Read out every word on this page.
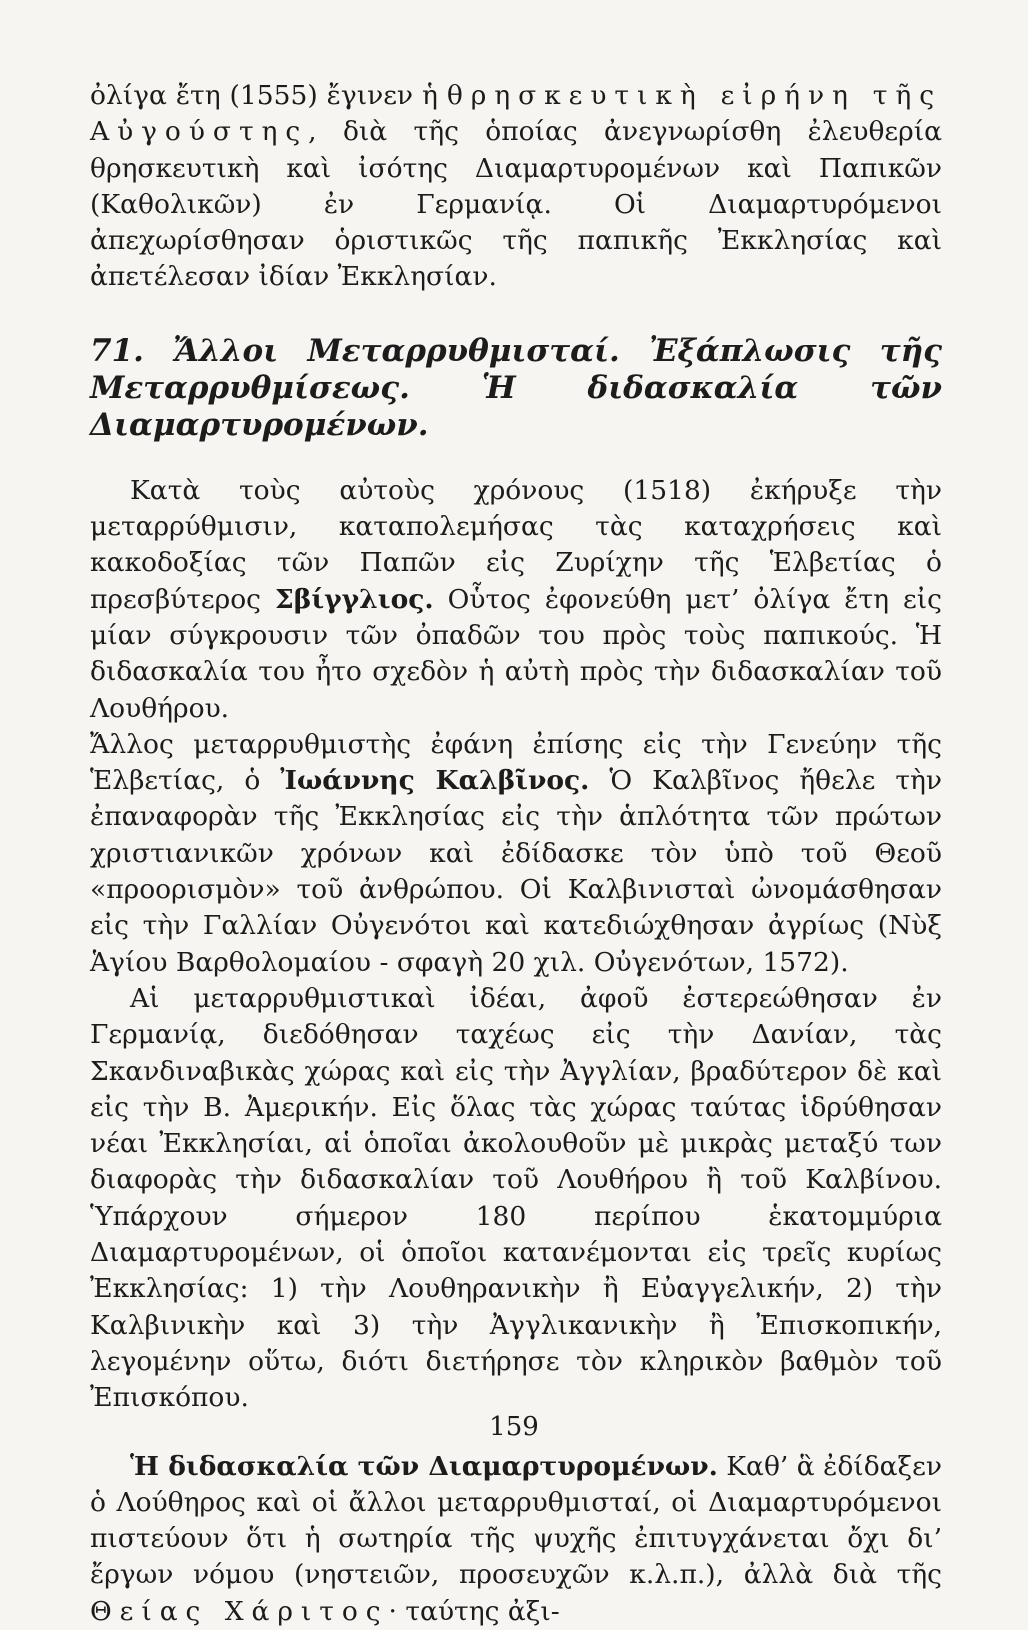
ὀλίγα ἔτη (1555) ἔγινεν ἡ θρησκευτικὴ εἰρήνη τῆς Αὐγούστης, διὰ τῆς ὁποίας ἀνεγνωρίσθη ἐλευθερία θρησκευτικὴ καὶ ἰσότης Διαμαρτυρομένων καὶ Παπικῶν (Καθολικῶν) ἐν Γερμανίᾳ. Οἱ Διαμαρτυρόμενοι ἀπεχωρίσθησαν ὁριστικῶς τῆς παπικῆς Ἐκκλησίας καὶ ἀπετέλεσαν ἰδίαν Ἐκκλησίαν.

71. Ἄλλοι Μεταρρυθμισταί. Ἐξάπλωσις τῆς Μεταρρυθμίσεως. Ἡ διδασκαλία τῶν Διαμαρτυρομένων.

Κατὰ τοὺς αὐτοὺς χρόνους (1518) ἐκήρυξε τὴν μεταρρύθμισιν, καταπολεμήσας τὰς καταχρήσεις καὶ κακοδοξίας τῶν Παπῶν εἰς Ζυρίχην τῆς Ἑλβετίας ὁ πρεσβύτερος Σβίγγλιος. Οὗτος ἐφονεύθη μετ’ ὀλίγα ἔτη εἰς μίαν σύγκρουσιν τῶν ὀπαδῶν του πρὸς τοὺς παπικούς. Ἡ διδασκαλία του ἦτο σχεδὸν ἡ αὐτὴ πρὸς τὴν διδασκαλίαν τοῦ Λουθήρου.
Ἄλλος μεταρρυθμιστὴς ἐφάνη ἐπίσης εἰς τὴν Γενεύην τῆς Ἑλβετίας, ὁ Ἰωάννης Καλβῖνος. Ὁ Καλβῖνος ἤθελε τὴν ἐπαναφορὰν τῆς Ἐκκλησίας εἰς τὴν ἁπλότητα τῶν πρώτων χριστιανικῶν χρόνων καὶ ἐδίδασκε τὸν ὑπὸ τοῦ Θεοῦ «προορισμὸν» τοῦ ἀνθρώπου. Οἱ Καλβινισταὶ ὠνομάσθησαν εἰς τὴν Γαλλίαν Οὐγενότοι καὶ κατεδιώχθησαν ἀγρίως (Νὺξ Ἁγίου Βαρθολομαίου - σφαγὴ 20 χιλ. Οὐγενότων, 1572).

Αἱ μεταρρυθμιστικαὶ ἰδέαι, ἀφοῦ ἐστερεώθησαν ἐν Γερμανίᾳ, διεδόθησαν ταχέως εἰς τὴν Δανίαν, τὰς Σκανδιναβικὰς χώρας καὶ εἰς τὴν Ἀγγλίαν, βραδύτερον δὲ καὶ εἰς τὴν Β. Ἀμερικήν. Εἰς ὅλας τὰς χώρας ταύτας ἱδρύθησαν νέαι Ἐκκλησίαι, αἱ ὁποῖαι ἀκολουθοῦν μὲ μικρὰς μεταξύ των διαφορὰς τὴν διδασκαλίαν τοῦ Λουθήρου ἢ τοῦ Καλβίνου. Ὑπάρχουν σήμερον 180 περίπου ἑκατομμύρια Διαμαρτυρομένων, οἱ ὁποῖοι κατανέμονται εἰς τρεῖς κυρίως Ἐκκλησίας: 1) τὴν Λουθηρανικὴν ἢ Εὐαγγελικήν, 2) τὴν Καλβινικὴν καὶ 3) τὴν Ἀγγλικανικὴν ἢ Ἐπισκοπικήν, λεγομένην οὕτω, διότι διετήρησε τὸν κληρικὸν βαθμὸν τοῦ Ἐπισκόπου.

Ἡ διδασκαλία τῶν Διαμαρτυρομένων. Καθ’ ἃ ἐδίδαξεν ὁ Λούθηρος καὶ οἱ ἄλλοι μεταρρυθμισταί, οἱ Διαμαρτυρόμενοι πιστεύουν ὅτι ἡ σωτηρία τῆς ψυχῆς ἐπιτυγχάνεται ὄχι δι’ ἔργων νόμου (νηστειῶν, προσευχῶν κ.λ.π.), ἀλλὰ διὰ τῆς Θείας Χάριτος· ταύτης ἀξι-

159
